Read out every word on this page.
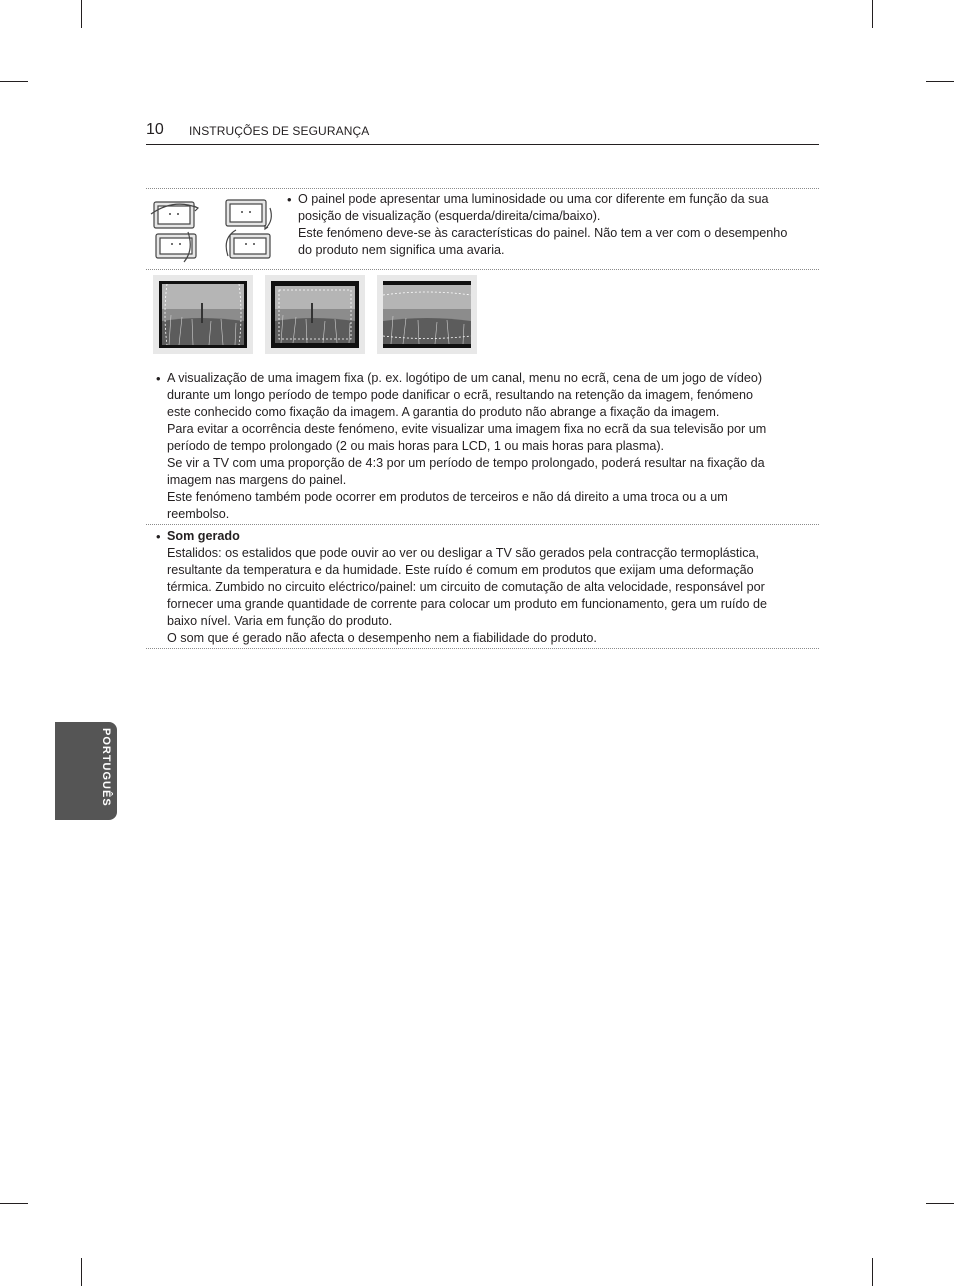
10 INSTRUÇÕES DE SEGURANÇA
• O painel pode apresentar uma luminosidade ou uma cor diferente em função da sua

posição de visualização (esquerda/direita/cima/baixo).

Este fenómeno deve-se às características do painel. Não tem a ver com o desempenho

do produto nem significa uma avaria.

• A visualização de uma imagem fixa (p. ex. logótipo de um canal, menu no ecrã, cena de um jogo de vídeo)

durante um longo período de tempo pode danificar o ecrã, resultando na retenção da imagem, fenómeno

este conhecido como fixação da imagem. A garantia do produto não abrange a fixação da imagem.

Para evitar a ocorrência deste fenómeno, evite visualizar uma imagem fixa no ecrã da sua televisão por um

período de tempo prolongado (2 ou mais horas para LCD, 1 ou mais horas para plasma).

Se vir a TV com uma proporção de 4:3 por um período de tempo prolongado, poderá resultar na fixação da

imagem nas margens do painel.

Este fenómeno também pode ocorrer em produtos de terceiros e não dá direito a uma troca ou a um

reembolso.

• Som gerado

Estalidos: os estalidos que pode ouvir ao ver ou desligar a TV são gerados pela contracção termoplástica,

resultante da temperatura e da humidade. Este ruído é comum em produtos que exijam uma deformação

térmica. Zumbido no circuito eléctrico/painel: um circuito de comutação de alta velocidade, responsável por

fornecer uma grande quantidade de corrente para colocar um produto em funcionamento, gera um ruído de

baixo nível. Varia em função do produto.

O som que é gerado não afecta o desempenho nem a fiabilidade do produto.

PORTUGUÊS
